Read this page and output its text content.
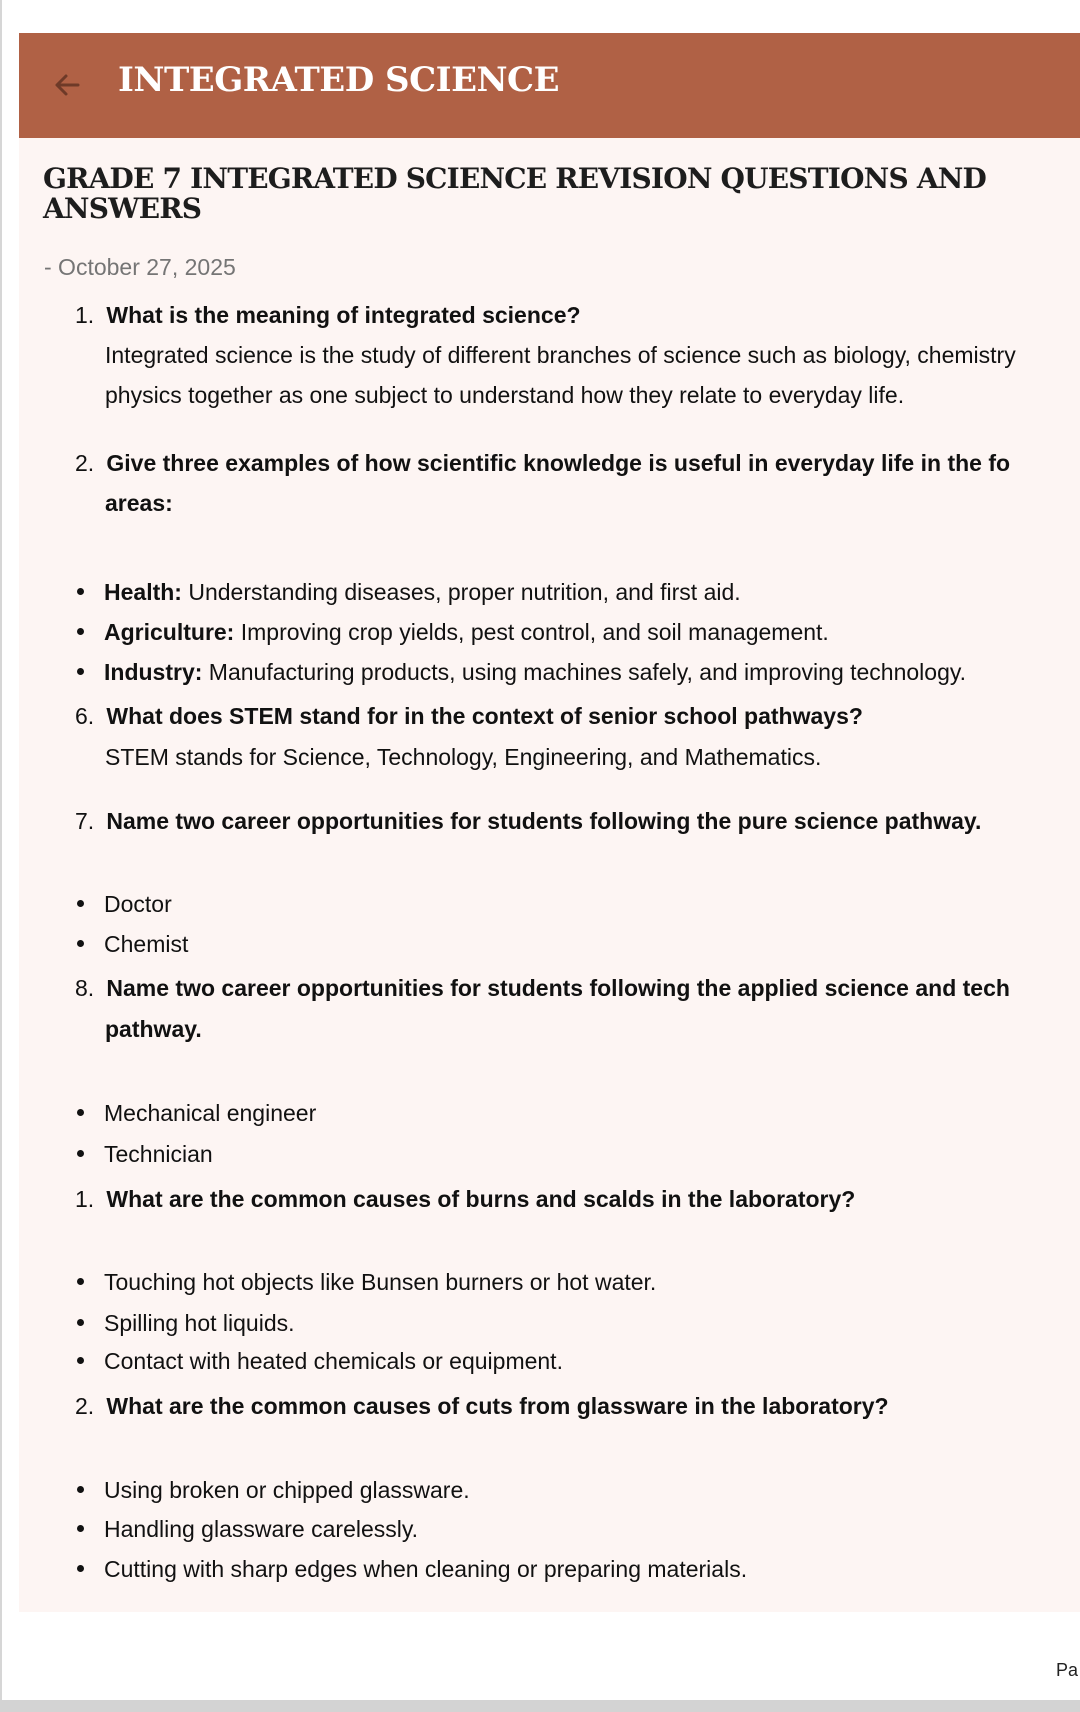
INTEGRATED SCIENCE
GRADE 7 INTEGRATED SCIENCE REVISION QUESTIONS AND ANSWERS
- October 27, 2025
1. What is the meaning of integrated science?
Integrated science is the study of different branches of science such as biology, chemistry
physics together as one subject to understand how they relate to everyday life.
2. Give three examples of how scientific knowledge is useful in everyday life in the fo
areas:
Health: Understanding diseases, proper nutrition, and first aid.
Agriculture: Improving crop yields, pest control, and soil management.
Industry: Manufacturing products, using machines safely, and improving technology.
6. What does STEM stand for in the context of senior school pathways?
STEM stands for Science, Technology, Engineering, and Mathematics.
7. Name two career opportunities for students following the pure science pathway.
Doctor
Chemist
8. Name two career opportunities for students following the applied science and tech
pathway.
Mechanical engineer
Technician
1. What are the common causes of burns and scalds in the laboratory?
Touching hot objects like Bunsen burners or hot water.
Spilling hot liquids.
Contact with heated chemicals or equipment.
2. What are the common causes of cuts from glassware in the laboratory?
Using broken or chipped glassware.
Handling glassware carelessly.
Cutting with sharp edges when cleaning or preparing materials.
Pa
